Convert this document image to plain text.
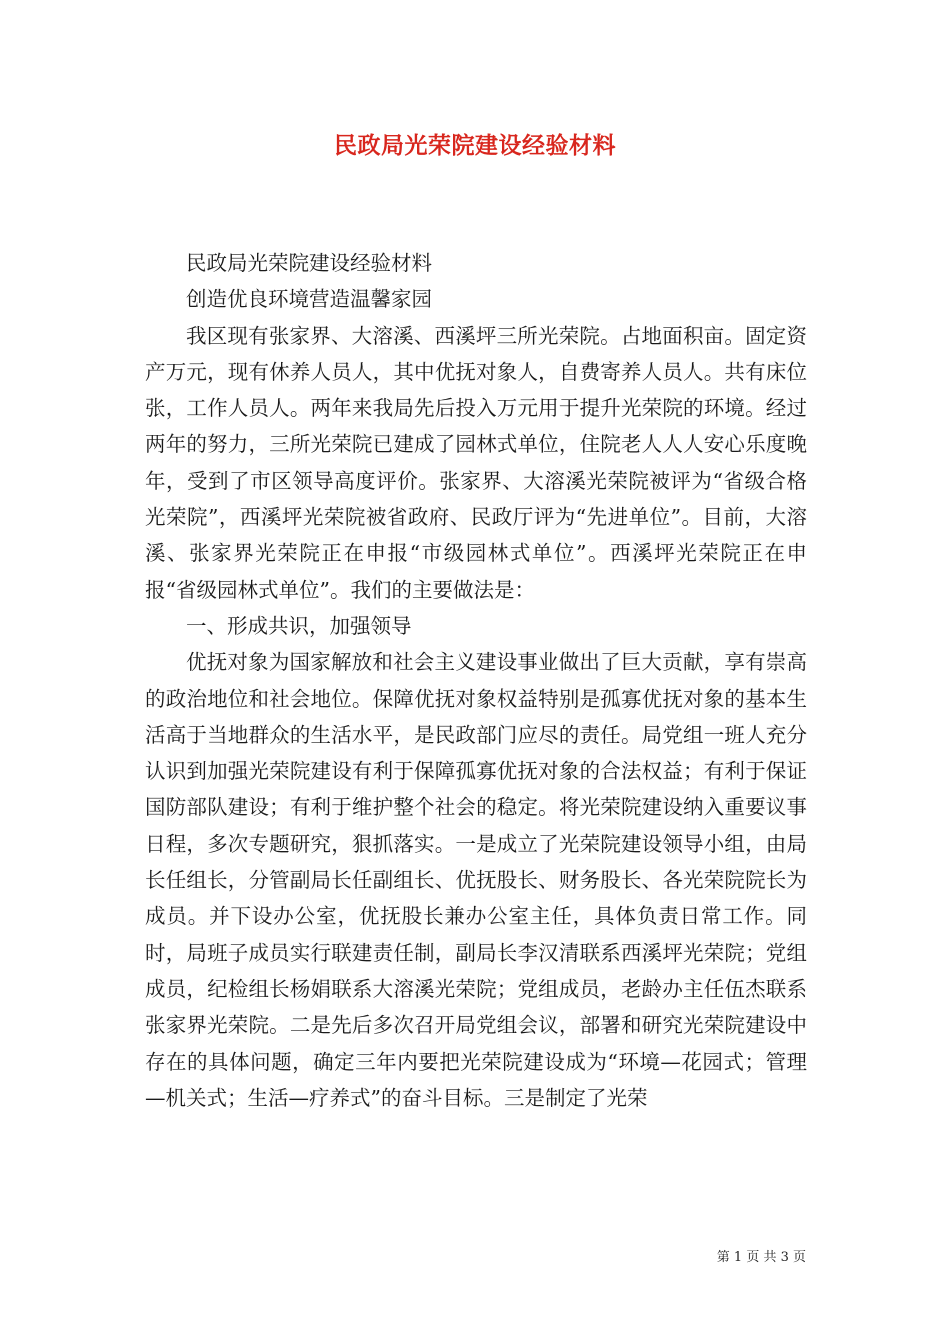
民政局光荣院建设经验材料

民政局光荣院建设经验材料

创造优良环境营造温馨家园

我区现有张家界、大溶溪、西溪坪三所光荣院。占地面积亩。固定资产万元，现有休养人员人，其中优抚对象人，自费寄养人员人。共有床位张，工作人员人。两年来我局先后投入万元用于提升光荣院的环境。经过两年的努力，三所光荣院已建成了园林式单位，住院老人人人安心乐度晚年，受到了市区领导高度评价。张家界、大溶溪光荣院被评为“省级合格光荣院”，西溪坪光荣院被省政府、民政厅评为“先进单位”。目前，大溶溪、张家界光荣院正在申报“市级园林式单位”。西溪坪光荣院正在申报“省级园林式单位”。我们的主要做法是：

一、形成共识，加强领导

优抚对象为国家解放和社会主义建设事业做出了巨大贡献，享有崇高的政治地位和社会地位。保障优抚对象权益特别是孤寡优抚对象的基本生活高于当地群众的生活水平，是民政部门应尽的责任。局党组一班人充分认识到加强光荣院建设有利于保障孤寡优抚对象的合法权益；有利于保证国防部队建设；有利于维护整个社会的稳定。将光荣院建设纳入重要议事日程，多次专题研究，狠抓落实。一是成立了光荣院建设领导小组，由局长任组长，分管副局长任副组长、优抚股长、财务股长、各光荣院院长为成员。并下设办公室，优抚股长兼办公室主任，具体负责日常工作。同时，局班子成员实行联建责任制，副局长李汉清联系西溪坪光荣院；党组成员，纪检组长杨娟联系大溶溪光荣院；党组成员，老龄办主任伍杰联系张家界光荣院。二是先后多次召开局党组会议，部署和研究光荣院建设中存在的具体问题，确定三年内要把光荣院建设成为“环境—花园式；管理—机关式；生活—疗养式”的奋斗目标。三是制定了光荣

第 1 页 共 3 页
